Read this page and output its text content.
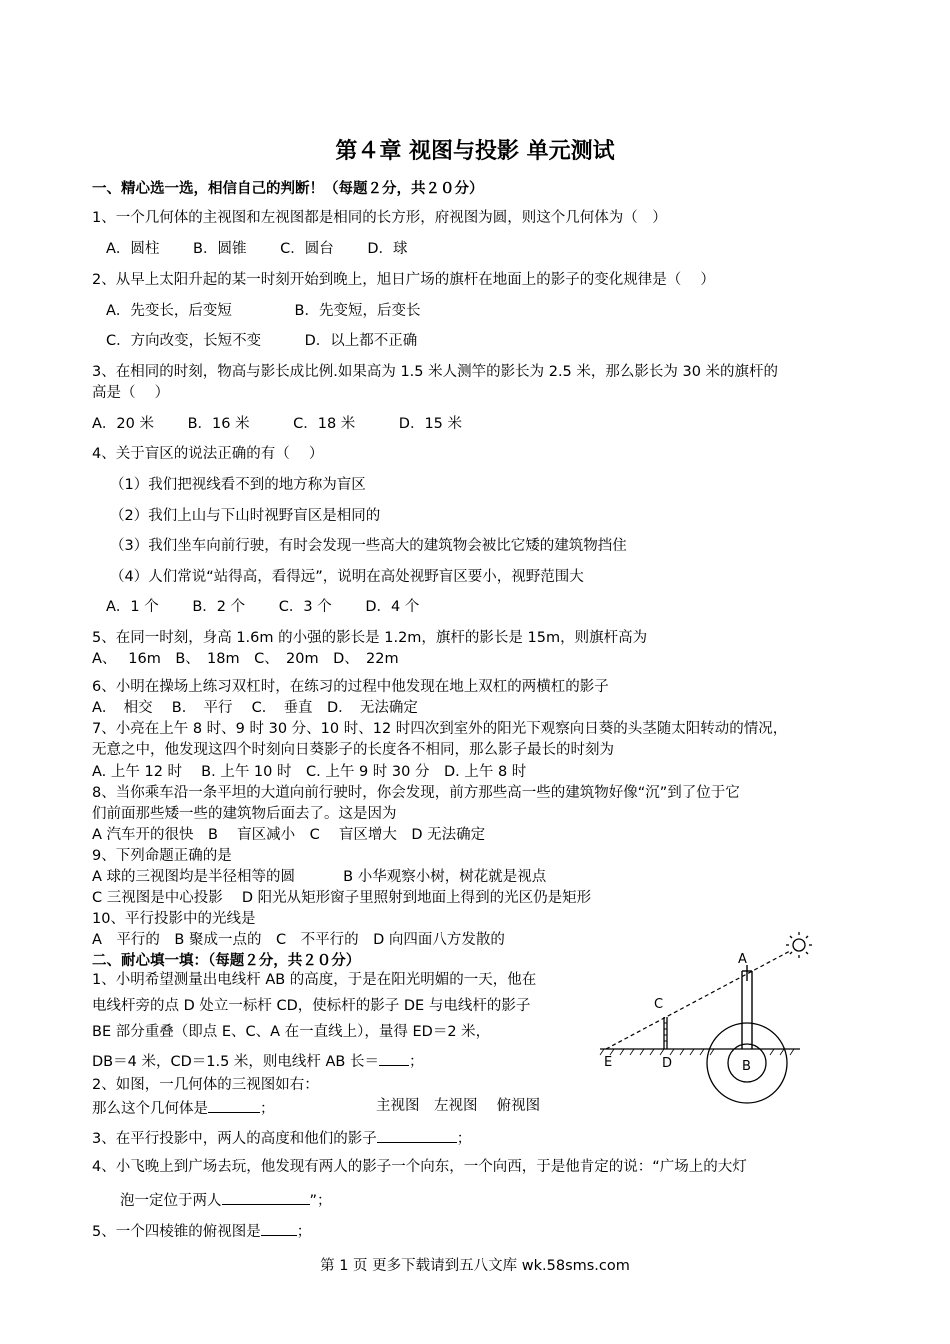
第４章 视图与投影 单元测试
一、精心选一选，相信自己的判断！（每题２分，共２０分）
1、一个几何体的主视图和左视图都是相同的长方形，府视图为圆，则这个几何体为（　）
A．圆柱　　 B．圆锥　　 C．圆台　　 D．球
2、从早上太阳升起的某一时刻开始到晚上，旭日广场的旗杆在地面上的影子的变化规律是（　 ）
A．先变长，后变短　　　　 B．先变短，后变长
C．方向改变，长短不变　　　D．以上都不正确
3、在相同的时刻，物高与影长成比例.如果高为 1.5 米人测竿的影长为 2.5 米，那么影长为 30 米的旗杆的
高是（　 ）
A．20 米　　 B．16 米　　　C．18 米　　　D．15 米
4、关于盲区的说法正确的有（　 ）
（1）我们把视线看不到的地方称为盲区
（2）我们上山与下山时视野盲区是相同的
（3）我们坐车向前行驶，有时会发现一些高大的建筑物会被比它矮的建筑物挡住
（4）人们常说“站得高，看得远”，说明在高处视野盲区要小，视野范围大
A．1 个　　 B．2 个　　 C．3 个　　 D．4 个
5、在同一时刻，身高 1.6m 的小强的影长是 1.2m，旗杆的影长是 15m，则旗杆高为
A、　 16m　B、　18m　C、　20m　D、　22m
6、小明在操场上练习双杠时，在练习的过程中他发现在地上双杠的两横杠的影子
A．　相交　 B．　平行　 C．　垂直　D．　无法确定
7、小亮在上午 8 时、9 时 30 分、10 时、12 时四次到室外的阳光下观察向日葵的头茎随太阳转动的情况，
无意之中，他发现这四个时刻向日葵影子的长度各不相同，那么影子最长的时刻为
A. 上午 12 时　 B. 上午 10 时　C. 上午 9 时 30 分　D. 上午 8 时
8、当你乘车沿一条平坦的大道向前行驶时，你会发现，前方那些高一些的建筑物好像“沉”到了位于它
们前面那些矮一些的建筑物后面去了。这是因为
A 汽车开的很快　B　 盲区减小　C　 盲区增大　D 无法确定
9、下列命题正确的是
A 球的三视图均是半径相等的圆　　　 B 小华观察小树，树花就是视点
C 三视图是中心投影　 D 阳光从矩形窗子里照射到地面上得到的光区仍是矩形
10、平行投影中的光线是
A　平行的　B 聚成一点的　C　不平行的　D 向四面八方发散的
二、耐心填一填：（每题２分，共２０分）
1、小明希望测量出电线杆 AB 的高度，于是在阳光明媚的一天，他在
电线杆旁的点 D 处立一标杆 CD，使标杆的影子 DE 与电线杆的影子
BE 部分重叠（即点 E、C、A 在一直线上），量得 ED＝2 米，
DB＝4 米，CD＝1.5 米，则电线杆 AB 长＝ ；
2、如图，一几何体的三视图如右：
那么这个几何体是	；	主视图　左视图　 俯视图
3、在平行投影中，两人的高度和他们的影子	；
4、小飞晚上到广场去玩，他发现有两人的影子一个向东，一个向西，于是他肯定的说：“广场上的大灯
泡一定位于两人	”；
5、一个四棱锥的俯视图是 ；
A
C
E	D	B
第 1 页 更多下载请到五八文库 wk.58sms.com
